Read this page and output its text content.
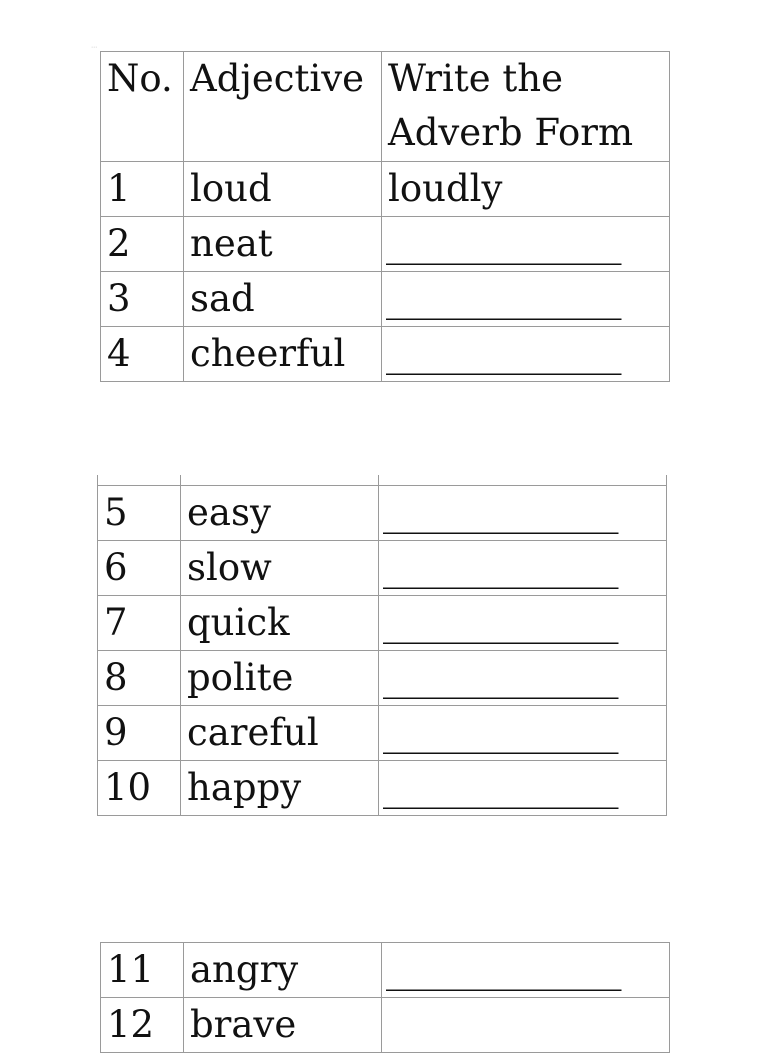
⋯
No.	Adjective	Write the Adverb Form
1	loud	loudly
2	neat	_______________
3	sad	_______________
4	cheerful	_______________

5	easy	_______________
6	slow	_______________
7	quick	_______________
8	polite	_______________
9	careful	_______________
10	happy	_______________
11	angry	_______________
12	brave	
